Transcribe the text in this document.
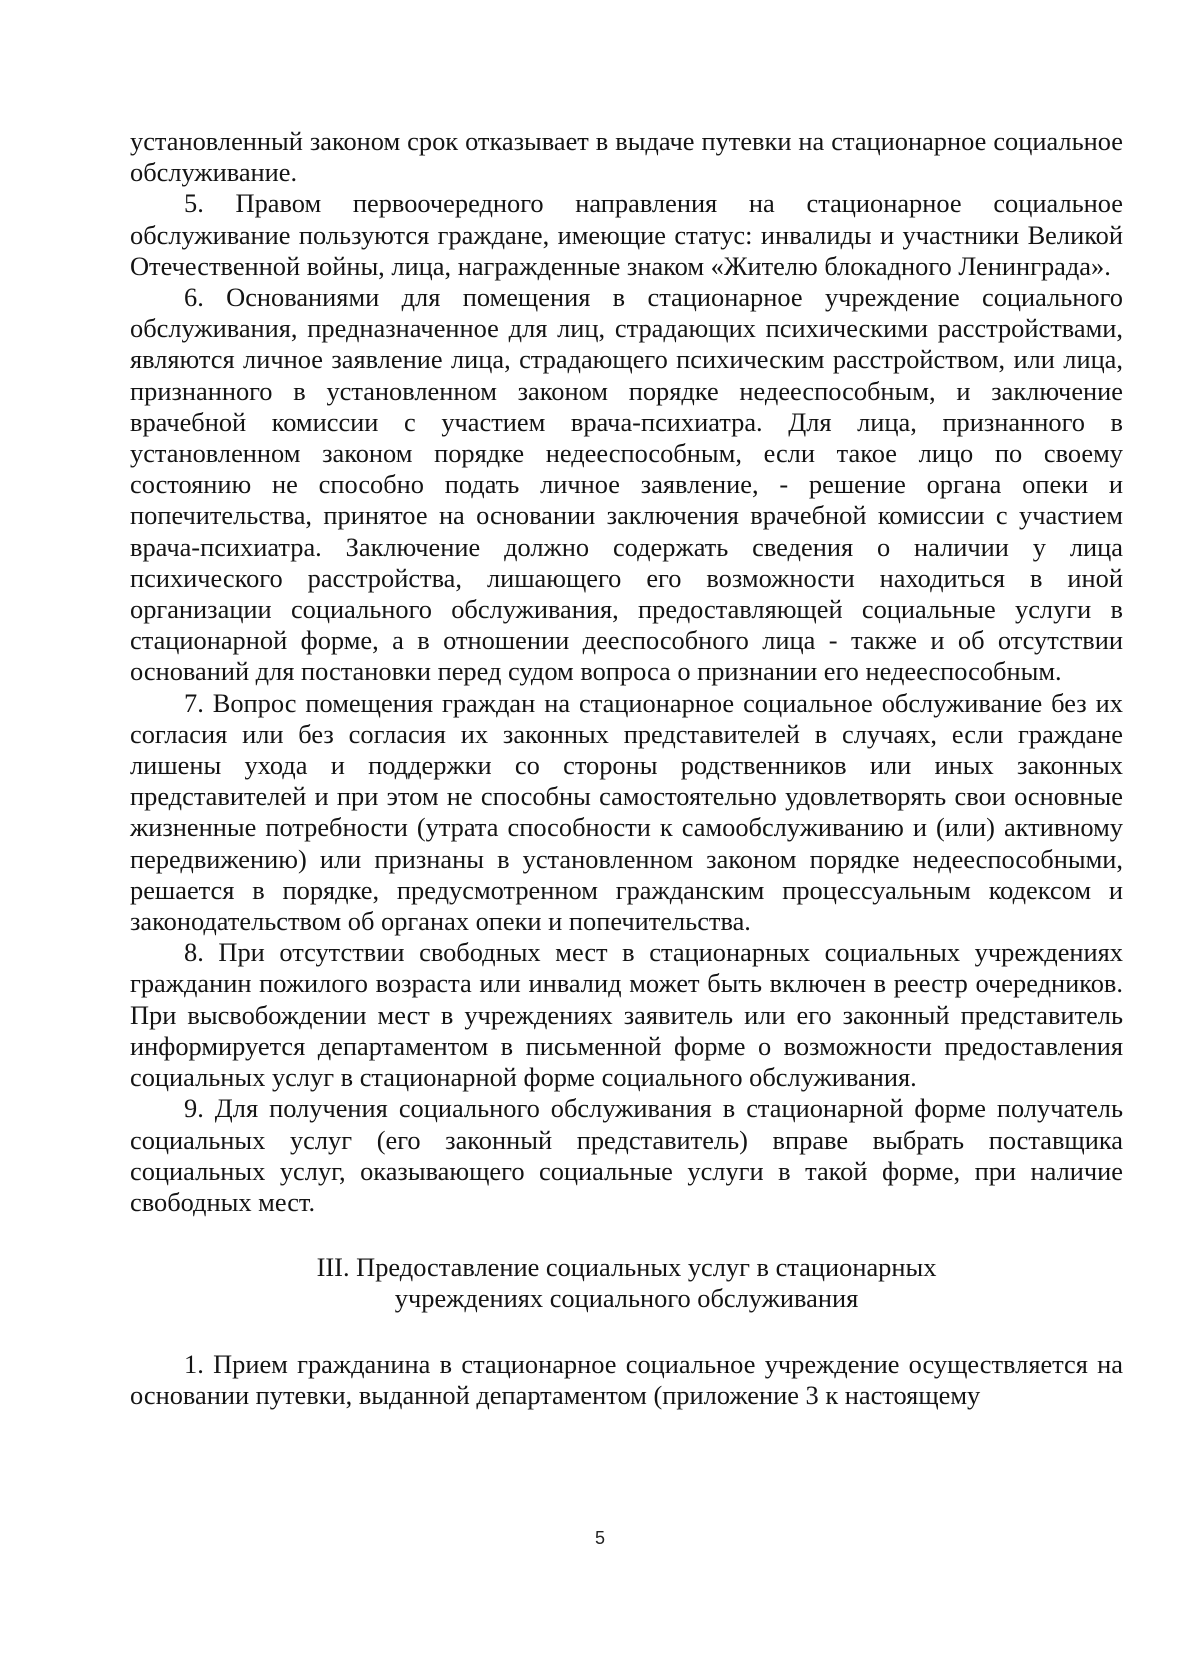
установленный законом срок отказывает в выдаче путевки на стационарное социальное обслуживание.

5. Правом первоочередного направления на стационарное социальное обслуживание пользуются граждане, имеющие статус: инвалиды и участники Великой Отечественной войны, лица, награжденные знаком «Жителю блокадного Ленинграда».

6. Основаниями для помещения в стационарное учреждение социального обслуживания, предназначенное для лиц, страдающих психическими расстройствами, являются личное заявление лица, страдающего психическим расстройством, или лица, признанного в установленном законом порядке недееспособным, и заключение врачебной комиссии с участием врача-психиатра. Для лица, признанного в установленном законом порядке недееспособным, если такое лицо по своему состоянию не способно подать личное заявление, - решение органа опеки и попечительства, принятое на основании заключения врачебной комиссии с участием врача-психиатра. Заключение должно содержать сведения о наличии у лица психического расстройства, лишающего его возможности находиться в иной организации социального обслуживания, предоставляющей социальные услуги в стационарной форме, а в отношении дееспособного лица - также и об отсутствии оснований для постановки перед судом вопроса о признании его недееспособным.

7. Вопрос помещения граждан на стационарное социальное обслуживание без их согласия или без согласия их законных представителей в случаях, если граждане лишены ухода и поддержки со стороны родственников или иных законных представителей и при этом не способны самостоятельно удовлетворять свои основные жизненные потребности (утрата способности к самообслуживанию и (или) активному передвижению) или признаны в установленном законом порядке недееспособными, решается в порядке, предусмотренном гражданским процессуальным кодексом и законодательством об органах опеки и попечительства.

8. При отсутствии свободных мест в стационарных социальных учреждениях гражданин пожилого возраста или инвалид может быть включен в реестр очередников. При высвобождении мест в учреждениях заявитель или его законный представитель информируется департаментом в письменной форме о возможности предоставления социальных услуг в стационарной форме социального обслуживания.

9. Для получения социального обслуживания в стационарной форме получатель социальных услуг (его законный представитель) вправе выбрать поставщика социальных услуг, оказывающего социальные услуги в такой форме, при наличие свободных мест.

III. Предоставление социальных услуг в стационарных
учреждениях социального обслуживания

1. Прием гражданина в стационарное социальное учреждение осуществляется на основании путевки, выданной департаментом (приложение 3 к настоящему

5
